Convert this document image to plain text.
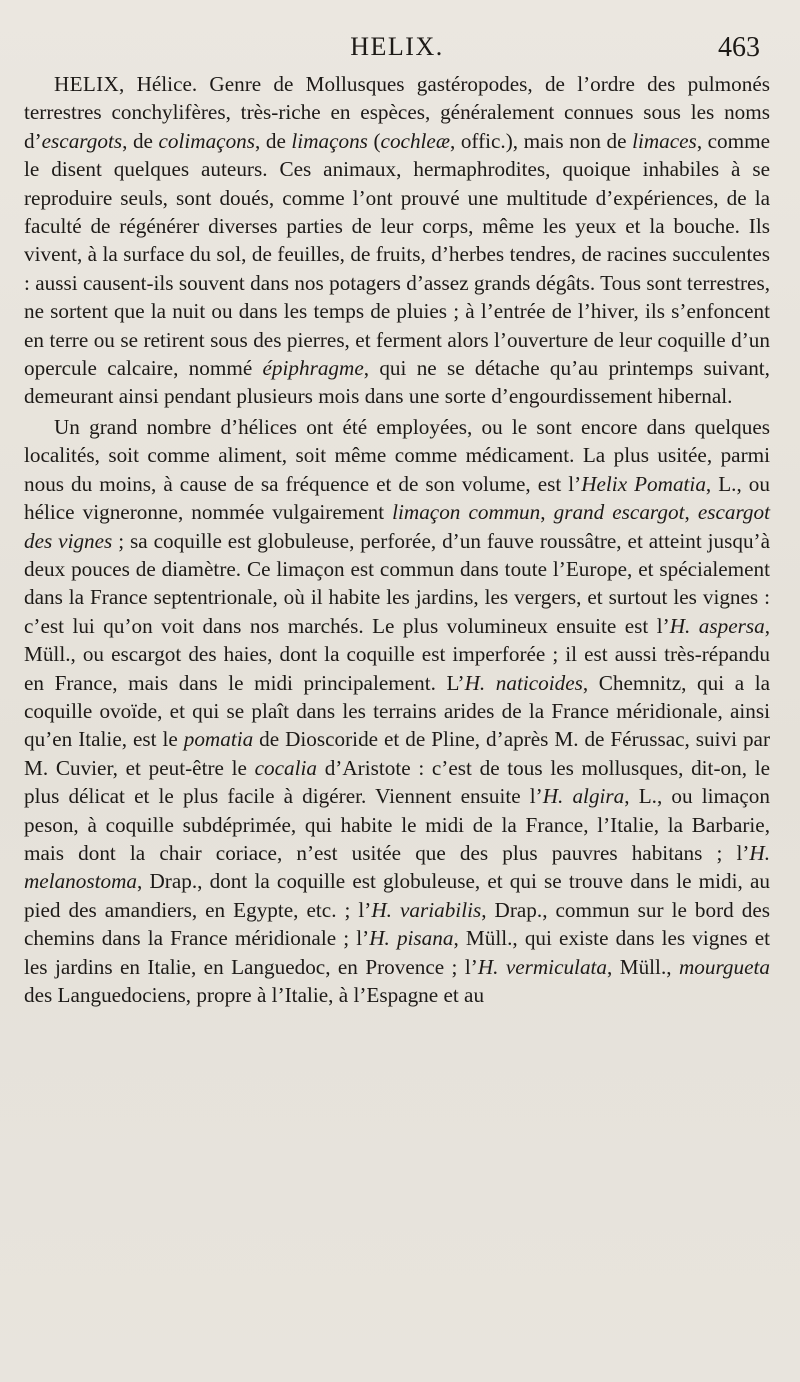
HELIX.	463

HELIX, Hélice. Genre de Mollusques gastéropodes, de l’ordre des pulmonés terrestres conchylifères, très-riche en espèces, généralement connues sous les noms d’escargots, de colimaçons, de limaçons (cochleæ, offic.), mais non de limaces, comme le disent quelques auteurs. Ces animaux, hermaphrodites, quoique inhabiles à se reproduire seuls, sont doués, comme l’ont prouvé une multitude d’expériences, de la faculté de régénérer diverses parties de leur corps, même les yeux et la bouche. Ils vivent, à la surface du sol, de feuilles, de fruits, d’herbes tendres, de racines succulentes : aussi causent-ils souvent dans nos potagers d’assez grands dégâts. Tous sont terrestres, ne sortent que la nuit ou dans les temps de pluies ; à l’entrée de l’hiver, ils s’enfoncent en terre ou se retirent sous des pierres, et ferment alors l’ouverture de leur coquille d’un opercule calcaire, nommé épiphragme, qui ne se détache qu’au printemps suivant, demeurant ainsi pendant plusieurs mois dans une sorte d’engourdissement hibernal.

Un grand nombre d’hélices ont été employées, ou le sont encore dans quelques localités, soit comme aliment, soit même comme médicament. La plus usitée, parmi nous du moins, à cause de sa fréquence et de son volume, est l’Helix Pomatia, L., ou hélice vigneronne, nommée vulgairement limaçon commun, grand escargot, escargot des vignes ; sa coquille est globuleuse, perforée, d’un fauve roussâtre, et atteint jusqu’à deux pouces de diamètre. Ce limaçon est commun dans toute l’Europe, et spécialement dans la France septentrionale, où il habite les jardins, les vergers, et surtout les vignes : c’est lui qu’on voit dans nos marchés. Le plus volumineux ensuite est l’H. aspersa, Müll., ou escargot des haies, dont la coquille est imperforée ; il est aussi très-répandu en France, mais dans le midi principalement. L’H. naticoides, Chemnitz, qui a la coquille ovoïde, et qui se plaît dans les terrains arides de la France méridionale, ainsi qu’en Italie, est le pomatia de Dioscoride et de Pline, d’après M. de Férussac, suivi par M. Cuvier, et peut-être le cocalia d’Aristote : c’est de tous les mollusques, dit-on, le plus délicat et le plus facile à digérer. Viennent ensuite l’H. algira, L., ou limaçon peson, à coquille subdéprimée, qui habite le midi de la France, l’Italie, la Barbarie, mais dont la chair coriace, n’est usitée que des plus pauvres habitans ; l’H. melanostoma, Drap., dont la coquille est globuleuse, et qui se trouve dans le midi, au pied des amandiers, en Egypte, etc. ; l’H. variabilis, Drap., commun sur le bord des chemins dans la France méridionale ; l’H. pisana, Müll., qui existe dans les vignes et les jardins en Italie, en Languedoc, en Provence ; l’H. vermiculata, Müll., mourgueta des Languedociens, propre à l’Italie, à l’Espagne et au
